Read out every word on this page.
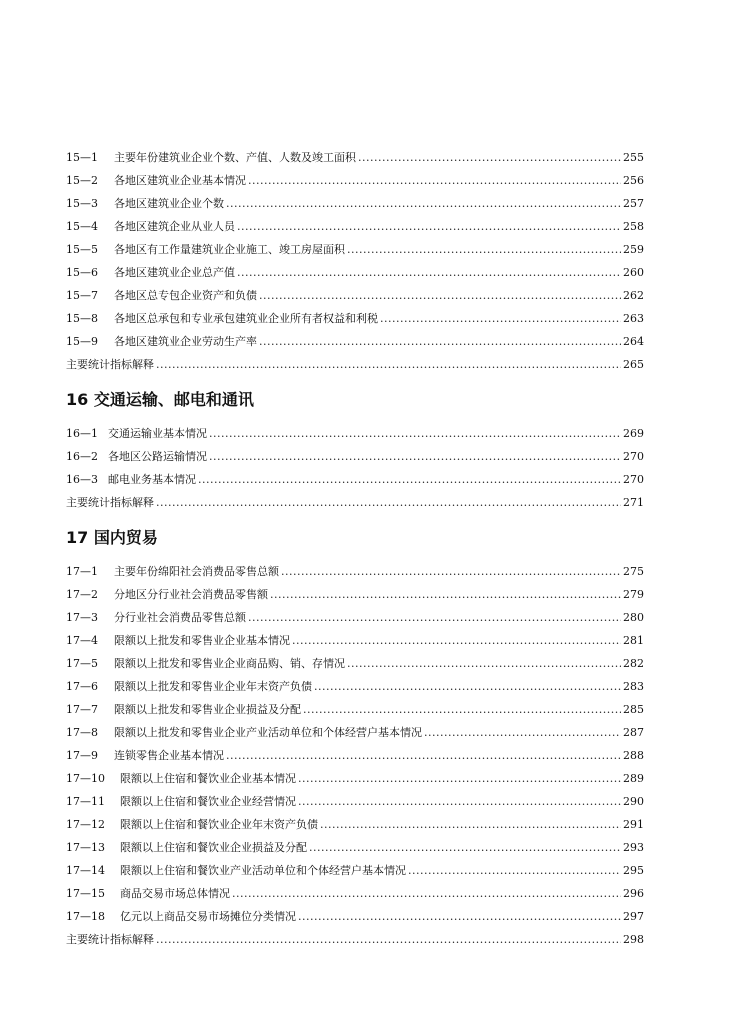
15—1	主要年份建筑业企业个数、产值、人数及竣工面积 .....	255
15—2	各地区建筑业企业基本情况 .....	256
15—3	各地区建筑业企业个数 .....	257
15—4	各地区建筑企业从业人员 .....	258
15—5	各地区有工作量建筑业企业施工、竣工房屋面积 .....	259
15—6	各地区建筑业企业总产值 .....	260
15—7	各地区总专包企业资产和负债 .....	262
15—8	各地区总承包和专业承包建筑业企业所有者权益和利税 .....	263
15—9	各地区建筑业企业劳动生产率 .....	264
主要统计指标解释 .....	265
16 交通运输、邮电和通讯
16—1 交通运输业基本情况 .....	269
16—2 各地区公路运输情况 .....	270
16—3 邮电业务基本情况 .....	270
主要统计指标解释 .....	271
17 国内贸易
17—1	主要年份绵阳社会消费品零售总额 .....	275
17—2	分地区分行业社会消费品零售额 .....	279
17—3	分行业社会消费品零售总额 .....	280
17—4	限额以上批发和零售业企业基本情况 .....	281
17—5	限额以上批发和零售业企业商品购、销、存情况 .....	282
17—6	限额以上批发和零售业企业年末资产负债 .....	283
17—7	限额以上批发和零售业企业损益及分配 .....	285
17—8	限额以上批发和零售业企业产业活动单位和个体经营户基本情况 .....	287
17—9	连锁零售企业基本情况 .....	288
17—10	限额以上住宿和餐饮业企业基本情况 .....	289
17—11	限额以上住宿和餐饮业企业经营情况 .....	290
17—12	限额以上住宿和餐饮业企业年末资产负债 .....	291
17—13	限额以上住宿和餐饮业企业损益及分配 .....	293
17—14	限额以上住宿和餐饮业产业活动单位和个体经营户基本情况 .....	295
17—15	商品交易市场总体情况 .....	296
17—18	亿元以上商品交易市场摊位分类情况 .....	297
主要统计指标解释 .....	298
